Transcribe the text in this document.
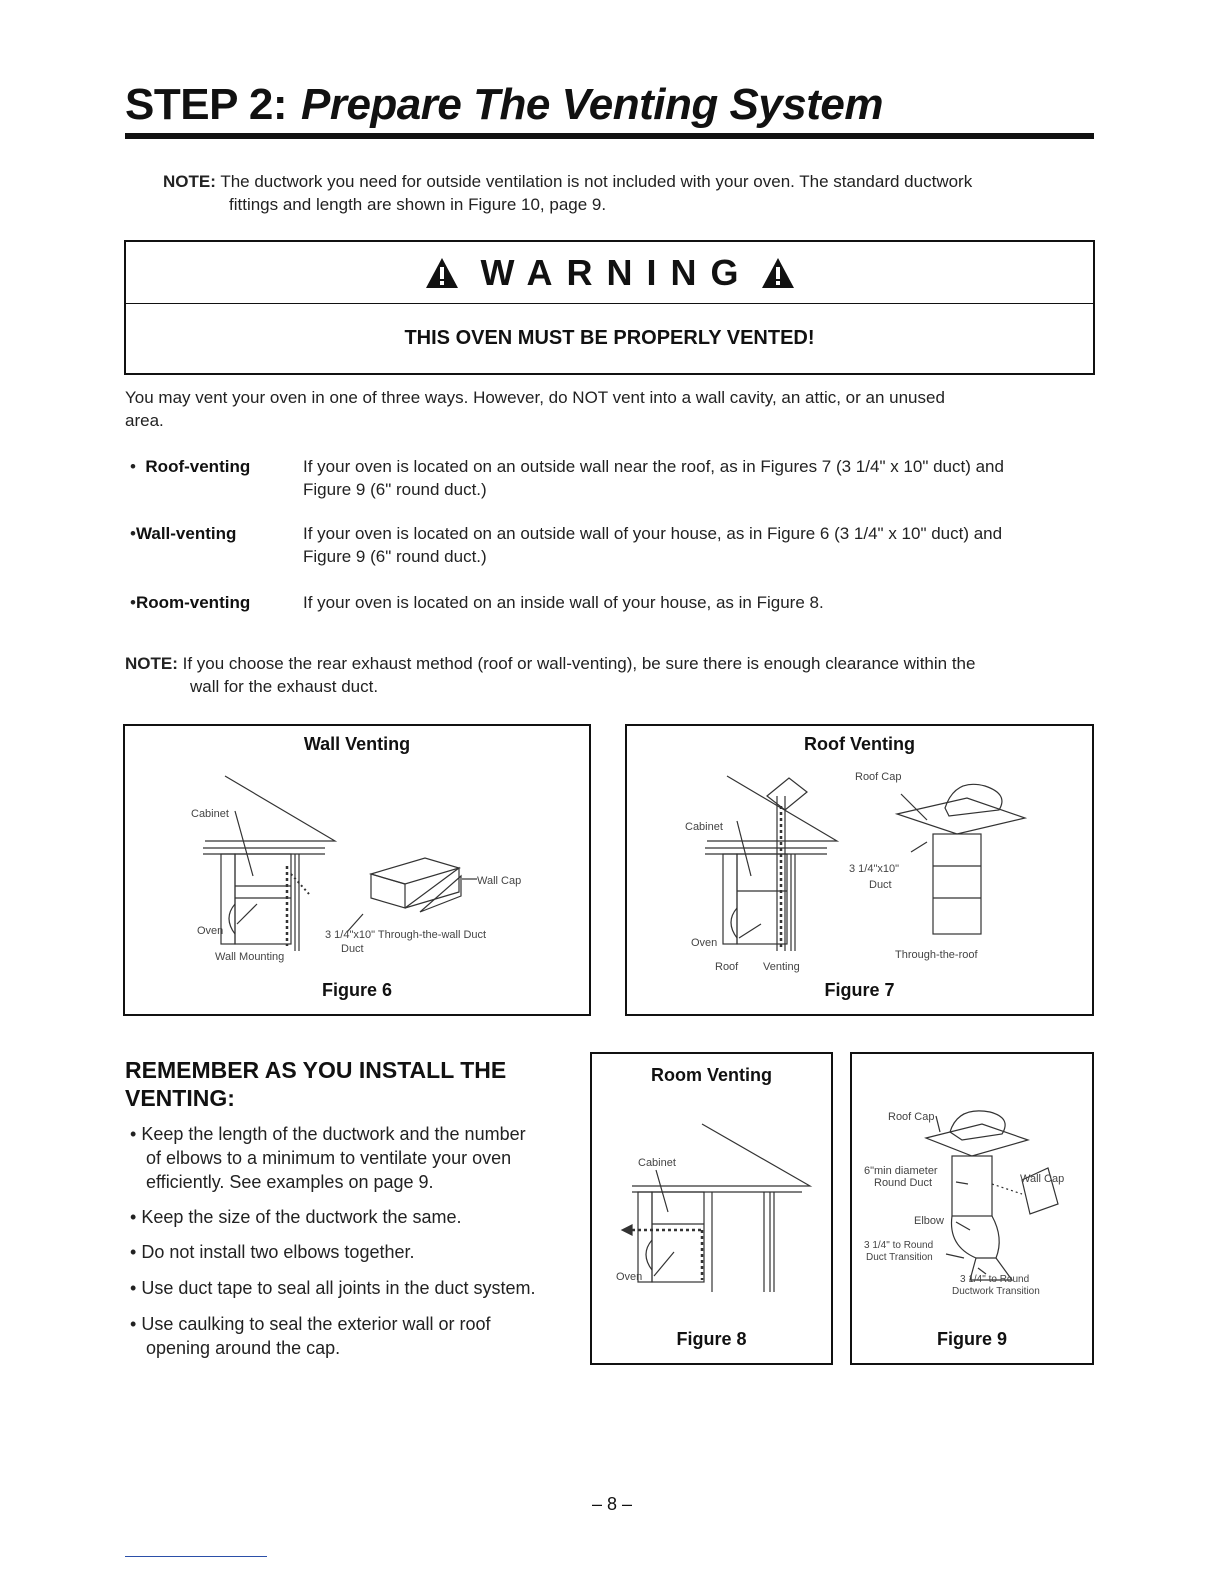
STEP 2: Prepare The Venting System
NOTE: The ductwork you need for outside ventilation is not included with your oven. The standard ductwork
fittings and length are shown in Figure 10, page 9.
WARNING
THIS OVEN MUST BE PROPERLY VENTED!
You may vent your oven in one of three ways. However, do NOT vent into a wall cavity, an attic, or an unused
area.
• Roof-venting	If your oven is located on an outside wall near the roof, as in Figures 7 (3 1/4" x 10" duct) and
Figure 9 (6" round duct.)
•Wall-venting	If your oven is located on an outside wall of your house, as in Figure 6 (3 1/4" x 10" duct) and
Figure 9 (6" round duct.)
•Room-venting	If your oven is located on an inside wall of your house, as in Figure 8.
NOTE: If you choose the rear exhaust method (roof or wall-venting), be sure there is enough clearance within the
wall for the exhaust duct.
Cabinet
Oven
Wall Mounting
Wall Cap
3 1/4"x10" Through-the-wall Duct
Duct
Wall Venting
Figure 6
Cabinet
Oven
Roof Venting
Roof Cap
3 1/4"x10"
Duct
Through-the-roof
Roof Venting
Figure 7
REMEMBER AS YOU INSTALL THE
VENTING:
• Keep the length of the ductwork and the number
of elbows to a minimum to ventilate your oven
efficiently. See examples on page 9.
• Keep the size of the ductwork the same.
• Do not install two elbows together.
• Use duct tape to seal all joints in the duct system.
• Use caulking to seal the exterior wall or roof
opening around the cap.
Cabinet
Oven
Room Venting
Figure 8
Roof Cap
6"min diameter
Round Duct	Wall Cap
Elbow
3 1/4" to Round
Duct Transition
3 1/4" to Round
Ductwork Transition
Figure 9
– 8 –
